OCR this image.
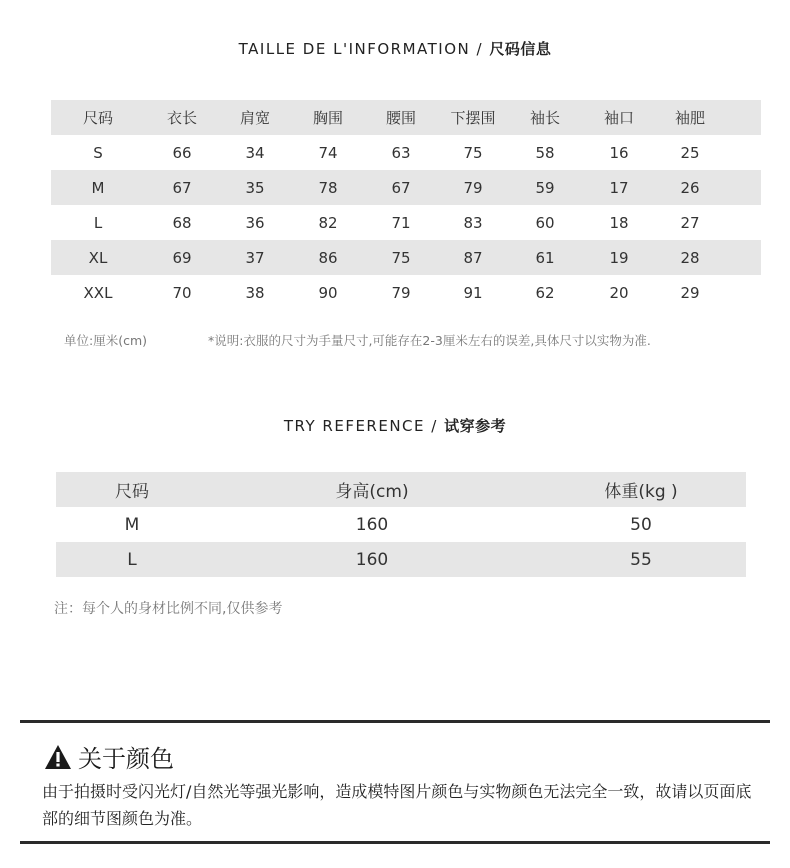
TAILLE DE L'INFORMATION / 尺码信息
尺码	衣长	肩宽	胸围	腰围	下摆围	袖长	袖口	袖肥	
S	66	34	74	63	75	58	16	25	
M	67	35	78	67	79	59	17	26	
L	68	36	82	71	83	60	18	27	
XL	69	37	86	75	87	61	19	28	
XXL	70	38	90	79	91	62	20	29	
单位:厘米(cm)	*说明:衣服的尺寸为手量尺寸,可能存在2-3厘米左右的误差,具体尺寸以实物为准.
TRY REFERENCE / 试穿参考
尺码	身高(cm)	体重(kg )
M	160	50
L	160	55
注：每个人的身材比例不同,仅供参考
关于颜色
由于拍摄时受闪光灯/自然光等强光影响，造成模特图片颜色与实物颜色无法完全一致，故请以页面底部的细节图颜色为准。
